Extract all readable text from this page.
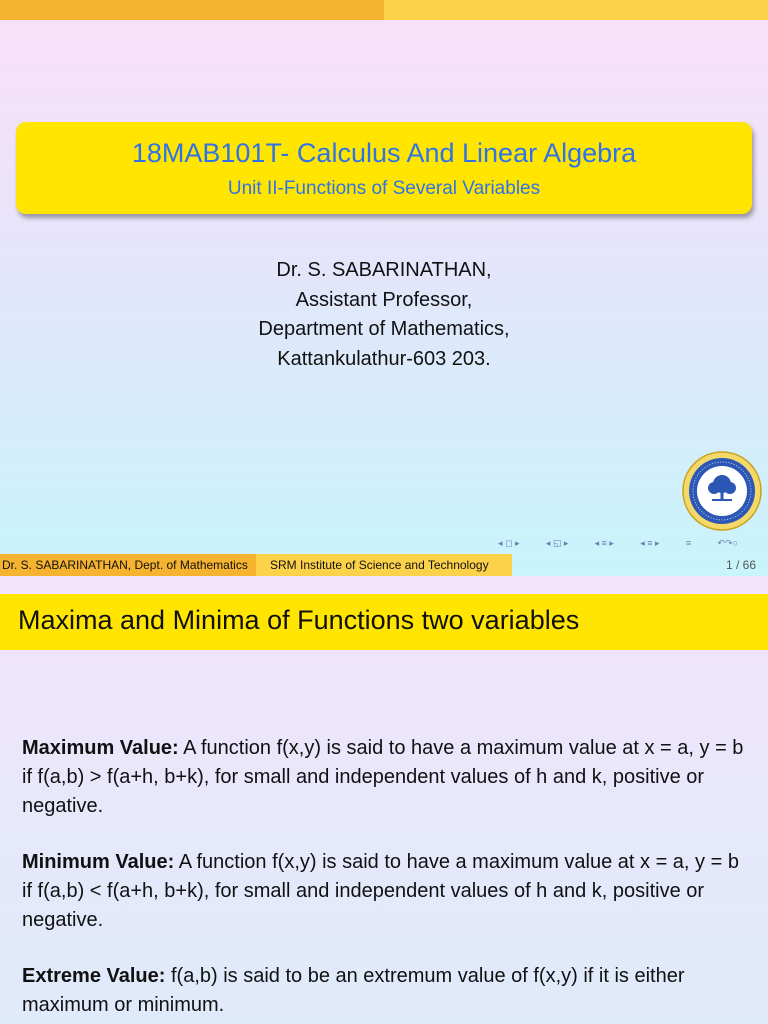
18MAB101T- Calculus And Linear Algebra
Unit II-Functions of Several Variables
Dr. S. SABARINATHAN,
Assistant Professor,
Department of Mathematics,
Kattankulathur-603 203.
◂ ◻ ▸	◂ ◱ ▸	◂ ≡ ▸	◂ ≡ ▸	≡	↶↷○
Dr. S. SABARINATHAN, Dept. of Mathematics	SRM Institute of Science and Technology	1 / 66
Maxima and Minima of Functions two variables
Maximum Value: A function f(x,y) is said to have a maximum value at x = a, y = b if f(a,b) > f(a+h, b+k), for small and independent values of h and k, positive or negative.
Minimum Value: A function f(x,y) is said to have a maximum value at x = a, y = b if f(a,b) < f(a+h, b+k), for small and independent values of h and k, positive or negative.
Extreme Value: f(a,b) is said to be an extremum value of f(x,y) if it is either maximum or minimum.
